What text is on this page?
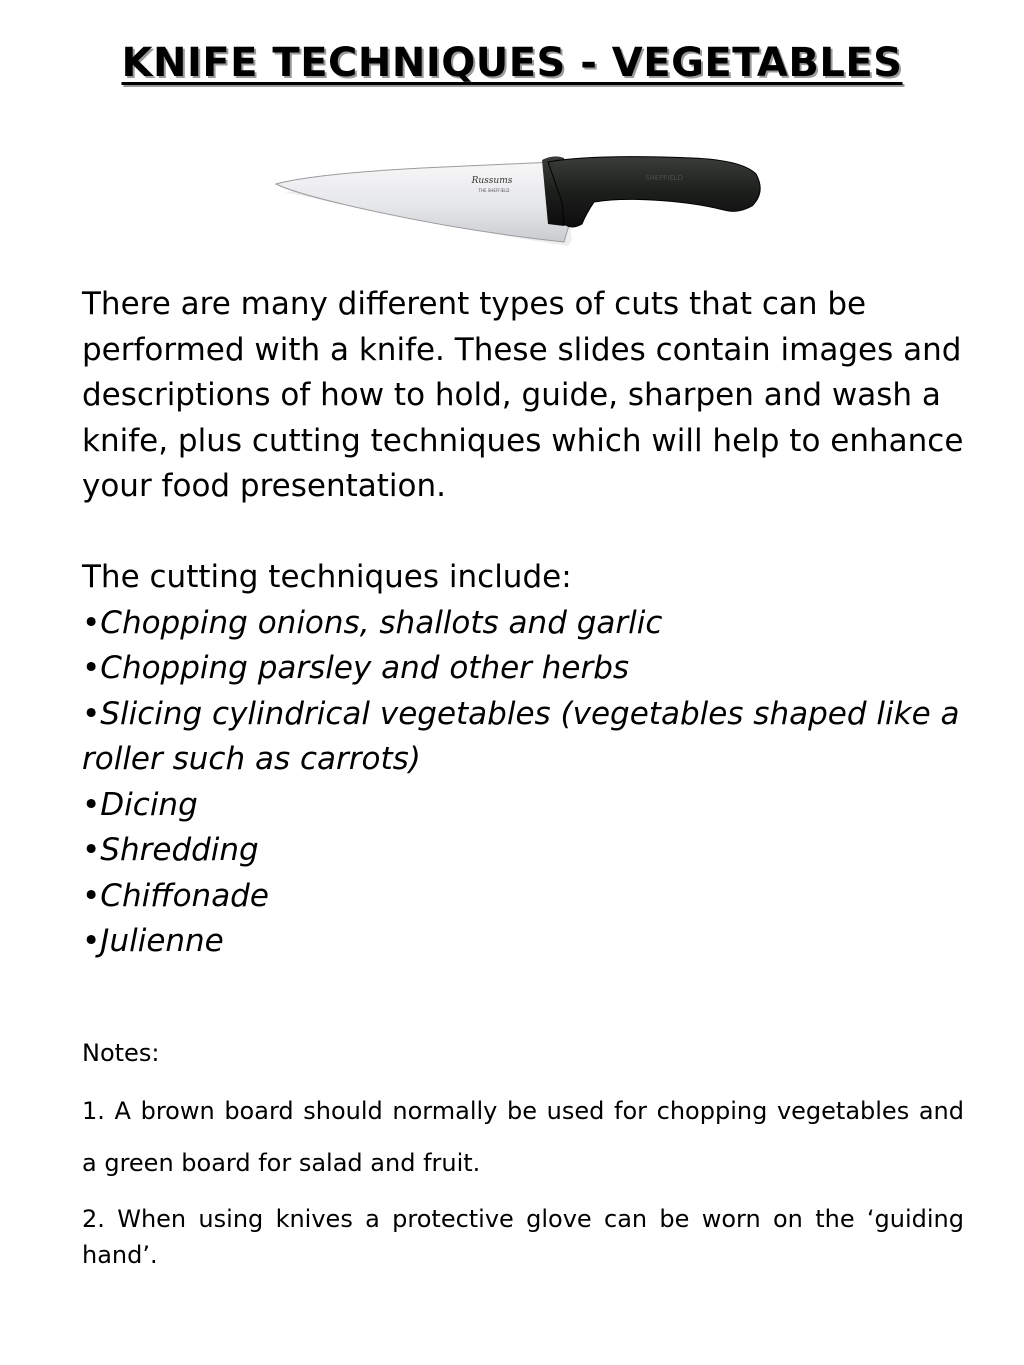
KNIFE TECHNIQUES - VEGETABLES
Russums
THE SHEFFIELD
SHEFFIELD

There are many different types of cuts that can be performed with a knife. These slides contain images and descriptions of how to hold, guide, sharpen and wash a knife, plus cutting techniques which will help to enhance your food presentation.

The cutting techniques include:

•Chopping onions, shallots and garlic
•Chopping parsley and other herbs
•Slicing cylindrical vegetables (vegetables shaped like a roller such as carrots)
•Dicing
•Shredding
•Chiffonade
•Julienne

Notes:

1. A brown board should normally be used for chopping vegetables and a green board for salad and fruit.

2. When using knives a protective glove can be worn on the ‘guiding hand’.
